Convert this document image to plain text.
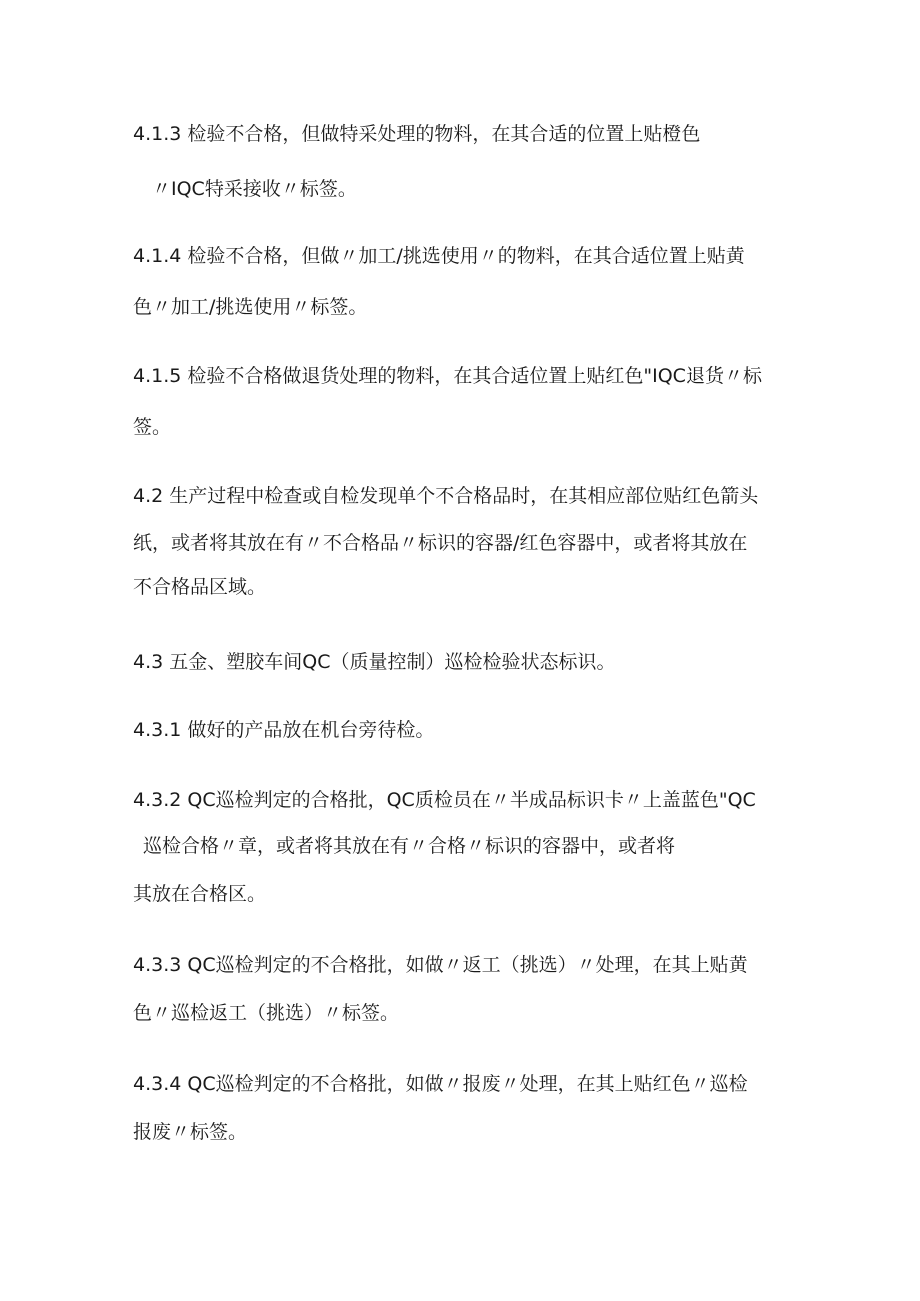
4.1.3 检验不合格，但做特采处理的物料，在其合适的位置上贴橙色
〃IQC特采接收〃标签。
4.1.4 检验不合格，但做〃加工/挑选使用〃的物料，在其合适位置上贴黄
色〃加工/挑选使用〃标签。
4.1.5 检验不合格做退货处理的物料，在其合适位置上贴红色"IQC退货〃标
签。
4.2 生产过程中检查或自检发现单个不合格品时，在其相应部位贴红色箭头
纸，或者将其放在有〃不合格品〃标识的容器/红色容器中，或者将其放在
不合格品区域。
4.3 五金、塑胶车间QC（质量控制）巡检检验状态标识。
4.3.1 做好的产品放在机台旁待检。
4.3.2 QC巡检判定的合格批，QC质检员在〃半成品标识卡〃上盖蓝色"QC
巡检合格〃章，或者将其放在有〃合格〃标识的容器中，或者将
其放在合格区。
4.3.3 QC巡检判定的不合格批，如做〃返工（挑选）〃处理，在其上贴黄
色〃巡检返工（挑选）〃标签。
4.3.4 QC巡检判定的不合格批，如做〃报废〃处理，在其上贴红色〃巡检
报废〃标签。
